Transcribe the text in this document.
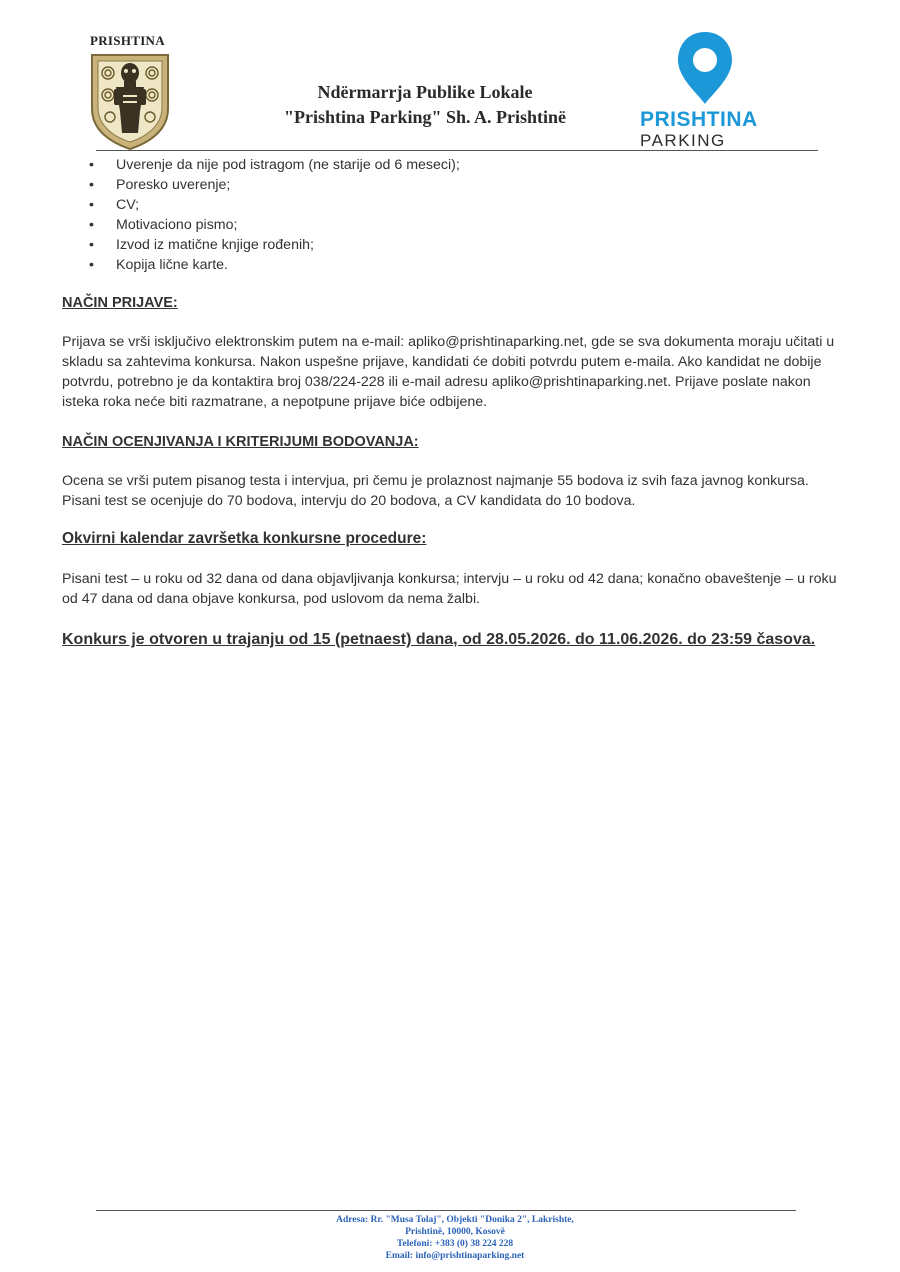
PRISHTINA
Ndërmarrja Publike Lokale
"Prishtina Parking" Sh. A. Prishtinë	PRISHTINA
PARKING
• Uverenje da nije pod istragom (ne starije od 6 meseci);
• Poresko uverenje;
• CV;
• Motivaciono pismo;
• Izvod iz matične knjige rođenih;
• Kopija lične karte.
NAČIN PRIJAVE:

Prijava se vrši isključivo elektronskim putem na e-mail: apliko@prishtinaparking.net, gde se sva dokumenta moraju učitati u skladu sa zahtevima konkursa. Nakon uspešne prijave, kandidati će dobiti potvrdu putem e-maila. Ako kandidat ne dobije potvrdu, potrebno je da kontaktira broj 038/224-228 ili e-mail adresu apliko@prishtinaparking.net. Prijave poslate nakon isteka roka neće biti razmatrane, a nepotpune prijave biće odbijene.

NAČIN OCENJIVANJA I KRITERIJUMI BODOVANJA:

Ocena se vrši putem pisanog testa i intervjua, pri čemu je prolaznost najmanje 55 bodova iz svih faza javnog konkursa. Pisani test se ocenjuje do 70 bodova, intervju do 20 bodova, a CV kandidata do 10 bodova.

Okvirni kalendar završetka konkursne procedure:

Pisani test – u roku od 32 dana od dana objavljivanja konkursa; intervju – u roku od 42 dana; konačno obaveštenje – u roku od 47 dana od dana objave konkursa, pod uslovom da nema žalbi.

Konkurs je otvoren u trajanju od 15 (petnaest) dana, od 28.05.2026. do 11.06.2026. do 23:59 časova.

Adresa: Rr. "Musa Tolaj", Objekti "Donika 2", Lakrishte,
Prishtinë, 10000, Kosovë
Telefoni: +383 (0) 38 224 228
Email: info@prishtinaparking.net
